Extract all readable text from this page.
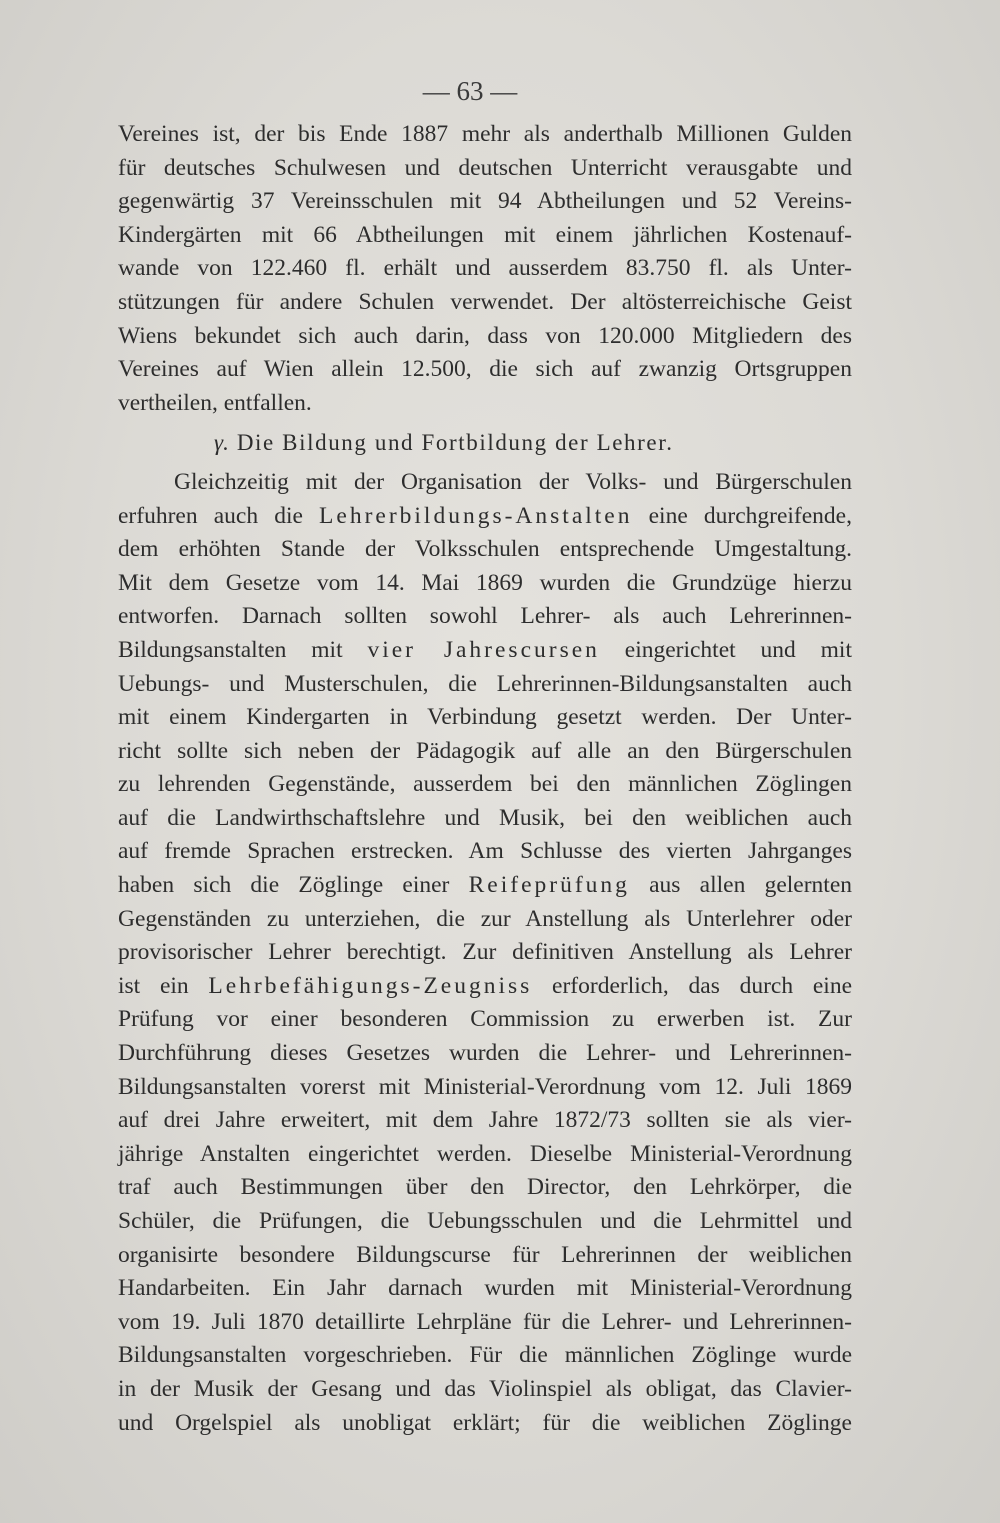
— 63 —
Vereines ist, der bis Ende 1887 mehr als anderthalb Millionen Gulden
für deutsches Schulwesen und deutschen Unterricht verausgabte und
gegenwärtig 37 Vereinsschulen mit 94 Abtheilungen und 52 Vereins-
Kindergärten mit 66 Abtheilungen mit einem jährlichen Kostenauf-
wande von 122.460 fl. erhält und ausserdem 83.750 fl. als Unter-
stützungen für andere Schulen verwendet. Der altösterreichische Geist
Wiens bekundet sich auch darin, dass von 120.000 Mitgliedern des
Vereines auf Wien allein 12.500, die sich auf zwanzig Ortsgruppen
vertheilen, entfallen.
γ. Die Bildung und Fortbildung der Lehrer.
Gleichzeitig mit der Organisation der Volks- und Bürgerschulen
erfuhren auch die Lehrerbildungs-Anstalten eine durchgreifende,
dem erhöhten Stande der Volksschulen entsprechende Umgestaltung.
Mit dem Gesetze vom 14. Mai 1869 wurden die Grundzüge hierzu
entworfen. Darnach sollten sowohl Lehrer- als auch Lehrerinnen-
Bildungsanstalten mit vier Jahrescursen eingerichtet und mit
Uebungs- und Musterschulen, die Lehrerinnen-Bildungsanstalten auch
mit einem Kindergarten in Verbindung gesetzt werden. Der Unter-
richt sollte sich neben der Pädagogik auf alle an den Bürgerschulen
zu lehrenden Gegenstände, ausserdem bei den männlichen Zöglingen
auf die Landwirthschaftslehre und Musik, bei den weiblichen auch
auf fremde Sprachen erstrecken. Am Schlusse des vierten Jahrganges
haben sich die Zöglinge einer Reifeprüfung aus allen gelernten
Gegenständen zu unterziehen, die zur Anstellung als Unterlehrer oder
provisorischer Lehrer berechtigt. Zur definitiven Anstellung als Lehrer
ist ein Lehrbefähigungs-Zeugniss erforderlich, das durch eine
Prüfung vor einer besonderen Commission zu erwerben ist. Zur
Durchführung dieses Gesetzes wurden die Lehrer- und Lehrerinnen-
Bildungsanstalten vorerst mit Ministerial-Verordnung vom 12. Juli 1869
auf drei Jahre erweitert, mit dem Jahre 1872/73 sollten sie als vier-
jährige Anstalten eingerichtet werden. Dieselbe Ministerial-Verordnung
traf auch Bestimmungen über den Director, den Lehrkörper, die
Schüler, die Prüfungen, die Uebungsschulen und die Lehrmittel und
organisirte besondere Bildungscurse für Lehrerinnen der weiblichen
Handarbeiten. Ein Jahr darnach wurden mit Ministerial-Verordnung
vom 19. Juli 1870 detaillirte Lehrpläne für die Lehrer- und Lehrerinnen-
Bildungsanstalten vorgeschrieben. Für die männlichen Zöglinge wurde
in der Musik der Gesang und das Violinspiel als obligat, das Clavier-
und Orgelspiel als unobligat erklärt; für die weiblichen Zöglinge
